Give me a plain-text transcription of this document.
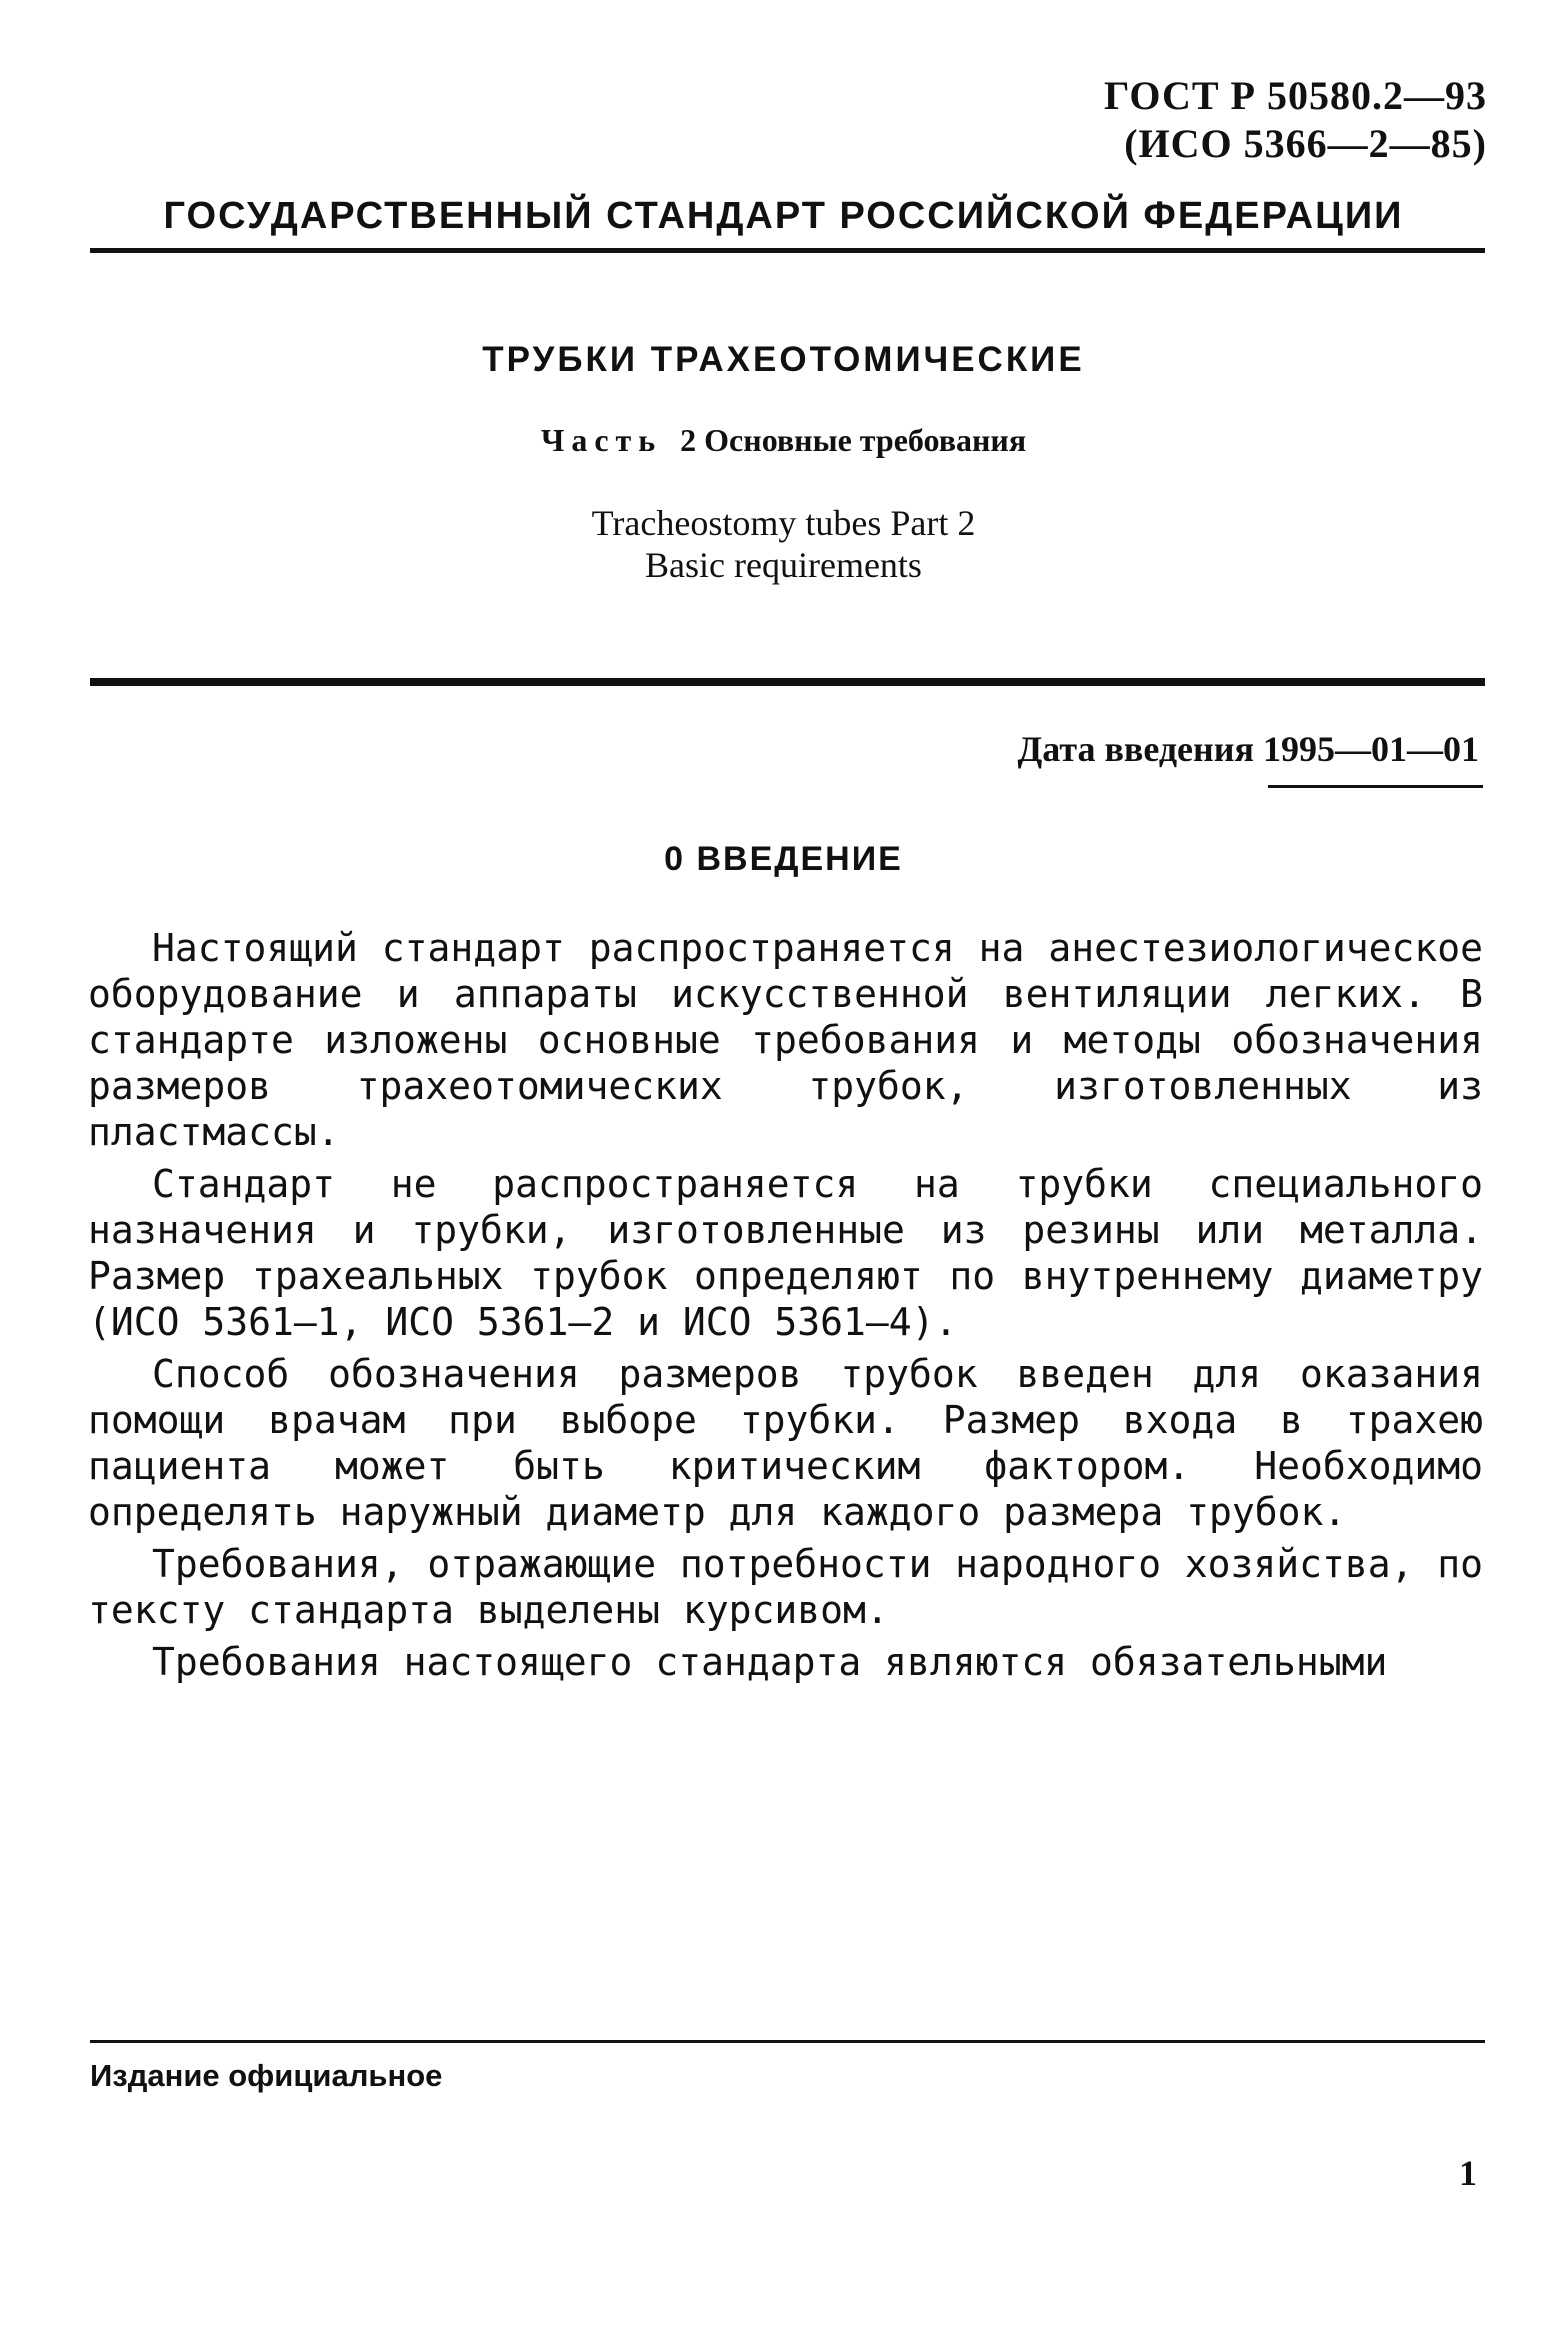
ГОСТ Р 50580.2—93
(ИСО 5366—2—85)
ГОСУДАРСТВЕННЫЙ СТАНДАРТ РОССИЙСКОЙ ФЕДЕРАЦИИ
ТРУБКИ ТРАХЕОТОМИЧЕСКИЕ
Часть 2 Основные требования
Tracheostomy tubes Part 2
Basic requirements
Дата введения 1995—01—01
0 ВВЕДЕНИЕ

Настоящий стандарт распространяется на анестезиологическое оборудование и аппараты искусственной вентиляции легких. В стандарте изложены основные требования и методы обозначения размеров трахеотомических трубок, изготовленных из пластмассы.

Стандарт не распространяется на трубки специального назначения и трубки, изготовленные из резины или металла. Размер трахеальных трубок определяют по внутреннему диаметру (ИСО 5361—1, ИСО 5361—2 и ИСО 5361—4).

Способ обозначения размеров трубок введен для оказания помощи врачам при выборе трубки. Размер входа в трахею пациента может быть критическим фактором. Необходимо определять наружный диаметр для каждого размера трубок.

Требования, отражающие потребности народного хозяйства, по тексту стандарта выделены курсивом.

Требования настоящего стандарта являются обязательными

Издание официальное
1
